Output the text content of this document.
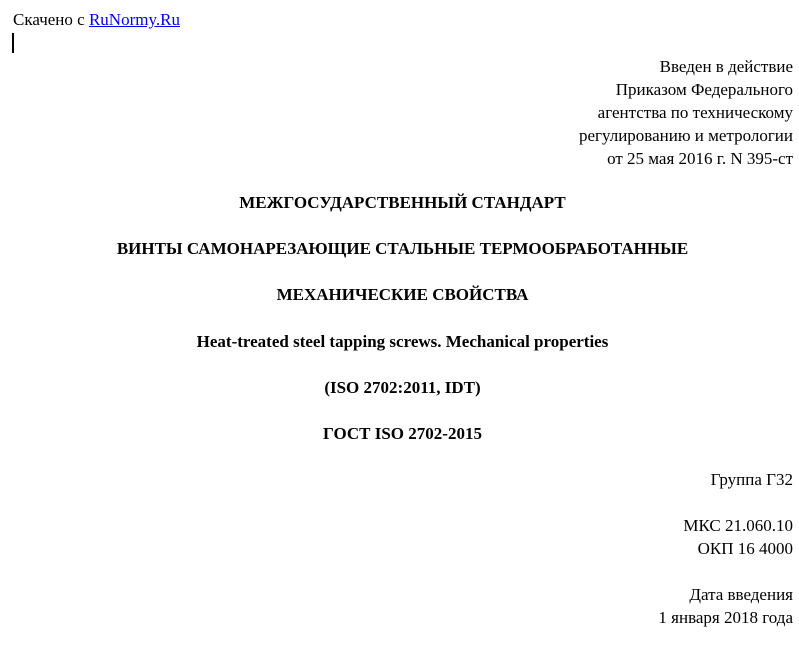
Скачено с RuNormy.Ru
Введен в действие
Приказом Федерального
агентства по техническому
регулированию и метрологии
от 25 мая 2016 г. N 395-ст
МЕЖГОСУДАРСТВЕННЫЙ СТАНДАРТ
ВИНТЫ САМОНАРЕЗАЮЩИЕ СТАЛЬНЫЕ ТЕРМООБРАБОТАННЫЕ
МЕХАНИЧЕСКИЕ СВОЙСТВА
Heat-treated steel tapping screws. Mechanical properties
(ISO 2702:2011, IDT)
ГОСТ ISO 2702-2015
Группа Г32
МКС 21.060.10
ОКП 16 4000
Дата введения
1 января 2018 года
